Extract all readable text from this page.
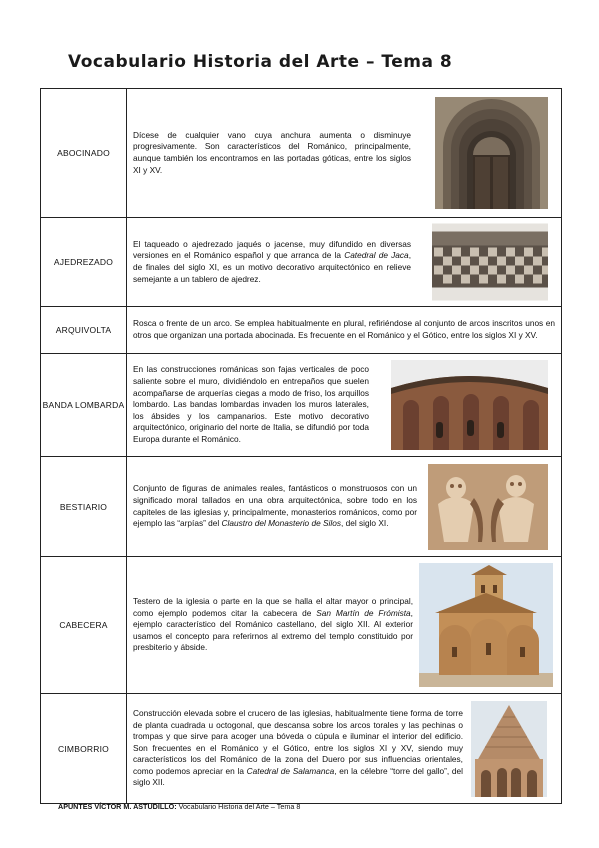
Vocabulario Historia del Arte – Tema 8
ABOCINADO	Dícese de cualquier vano cuya anchura aumenta o disminuye progresivamente. Son característicos del Románico, principalmente, aunque también los encontramos en las portadas góticas, entre los siglos XI y XV.

AJEDREZADO	El taqueado o ajedrezado jaqués o jacense, muy difundido en diversas versiones en el Románico español y que arranca de la Catedral de Jaca, de finales del siglo XI, es un motivo decorativo arquitectónico en relieve semejante a un tablero de ajedrez.

ARQUIVOLTA	Rosca o frente de un arco. Se emplea habitualmente en plural, refiriéndose al conjunto de arcos inscritos unos en otros que organizan una portada abocinada. Es frecuente en el Románico y el Gótico, entre los siglos XI y XV.

BANDA LOMBARDA	En las construcciones románicas son fajas verticales de poco saliente sobre el muro, dividiéndolo en entrepaños que suelen acompañarse de arquerías ciegas a modo de friso, los arquillos lombardo. Las bandas lombardas invaden los muros laterales, los ábsides y los campanarios. Este motivo decorativo arquitectónico, originario del norte de Italia, se difundió por toda Europa durante el Románico.

BESTIARIO	Conjunto de figuras de animales reales, fantásticos o monstruosos con un significado moral tallados en una obra arquitectónica, sobre todo en los capiteles de las iglesias y, principalmente, monasterios románicos, como por ejemplo las “arpías” del Claustro del Monasterio de Silos, del siglo XI.

CABECERA	Testero de la iglesia o parte en la que se halla el altar mayor o principal, como ejemplo podemos citar la cabecera de San Martín de Frómista, ejemplo característico del Románico castellano, del siglo XII. Al exterior usamos el concepto para referirnos al extremo del templo constituido por presbiterio y ábside.

CIMBORRIO	Construcción elevada sobre el crucero de las iglesias, habitualmente tiene forma de torre de planta cuadrada u octogonal, que descansa sobre los arcos torales y las pechinas o trompas y que sirve para acoger una bóveda o cúpula e iluminar el interior del edificio. Son frecuentes en el Románico y el Gótico, entre los siglos XI y XV, siendo muy característicos los del Románico de la zona del Duero por sus influencias orientales, como podemos apreciar en la Catedral de Salamanca, en la célebre “torre del gallo”, del siglo XII.
APUNTES VÍCTOR M. ASTUDILLO: Vocabulario Historia del Arte – Tema 8
